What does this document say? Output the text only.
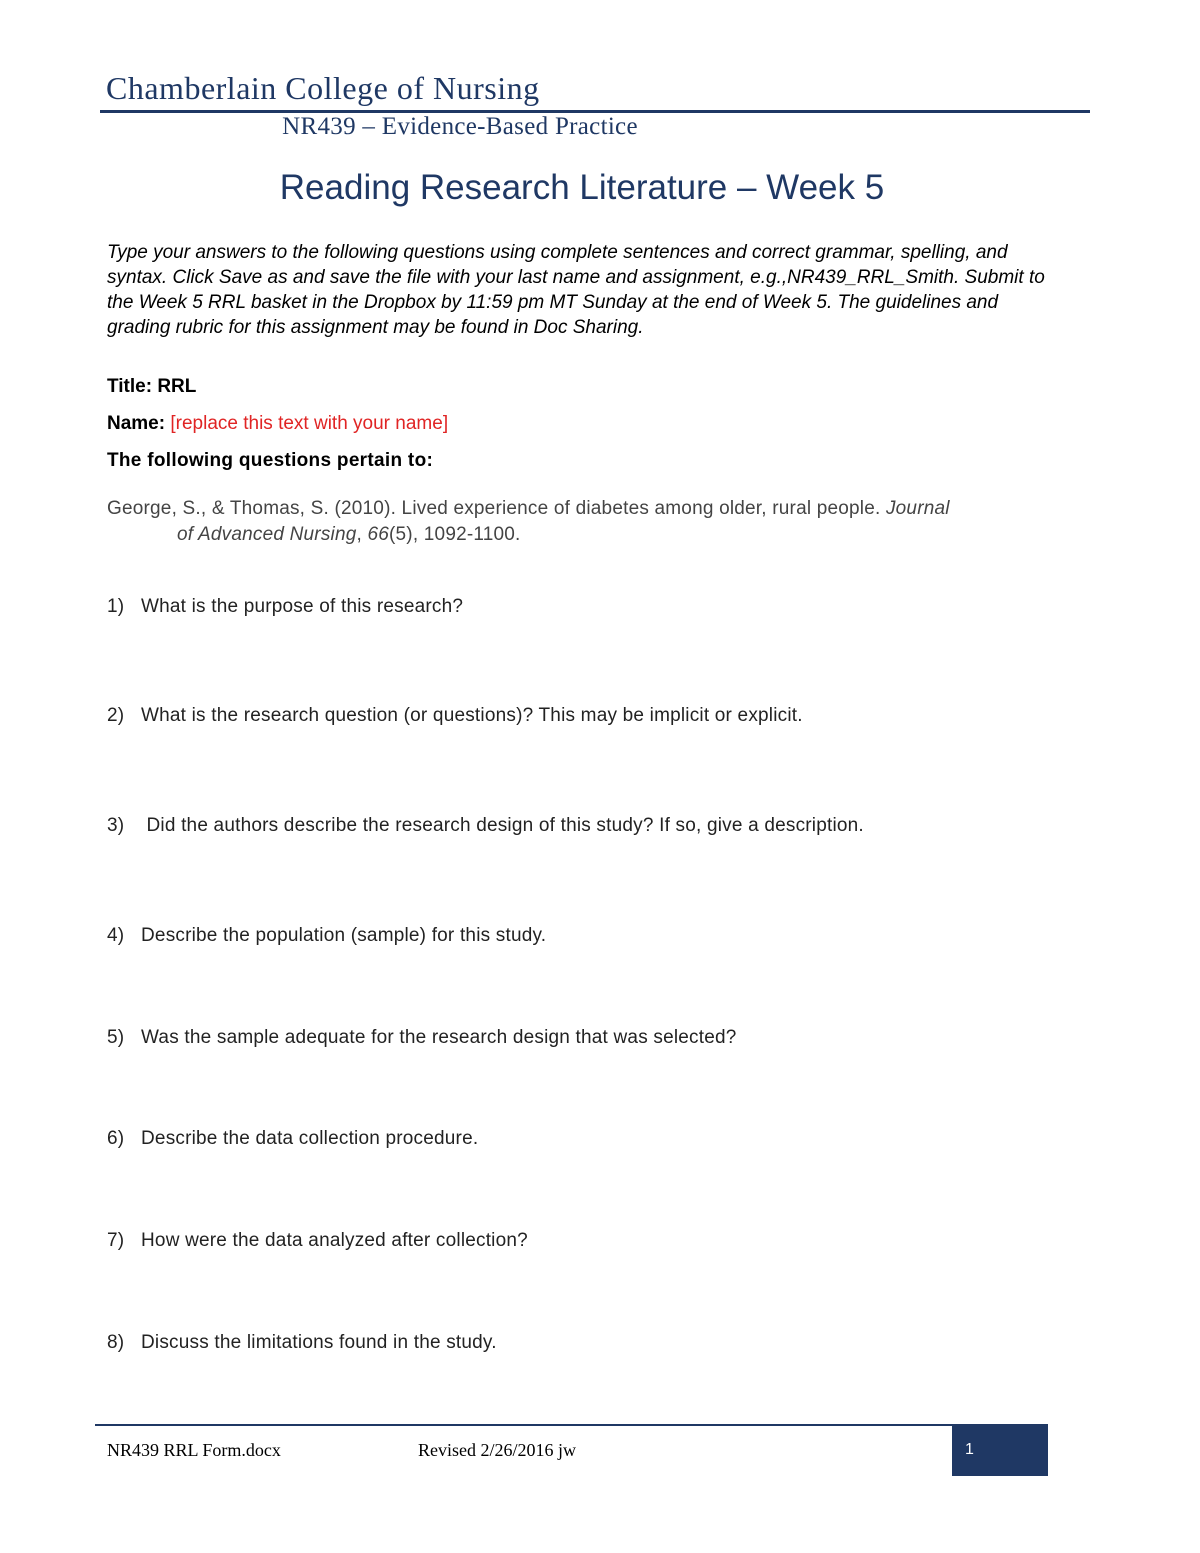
Chamberlain College of Nursing
NR439 – Evidence-Based Practice
Reading Research Literature – Week 5
Type your answers to the following questions using complete sentences and correct grammar, spelling, and syntax. Click Save as and save the file with your last name and assignment, e.g.,NR439_RRL_Smith. Submit to the Week 5 RRL basket in the Dropbox by 11:59 pm MT Sunday at the end of Week 5. The guidelines and grading rubric for this assignment may be found in Doc Sharing.
Title: RRL
Name: [replace this text with your name]
The following questions pertain to:
George, S., & Thomas, S. (2010). Lived experience of diabetes among older, rural people. Journal
of Advanced Nursing, 66(5), 1092-1100.
1) What is the purpose of this research?
2) What is the research question (or questions)? This may be implicit or explicit.
3) Did the authors describe the research design of this study? If so, give a description.
4) Describe the population (sample) for this study.
5) Was the sample adequate for the research design that was selected?
6) Describe the data collection procedure.
7) How were the data analyzed after collection?
8) Discuss the limitations found in the study.
NR439 RRL Form.docx	Revised 2/26/2016 jw	1
